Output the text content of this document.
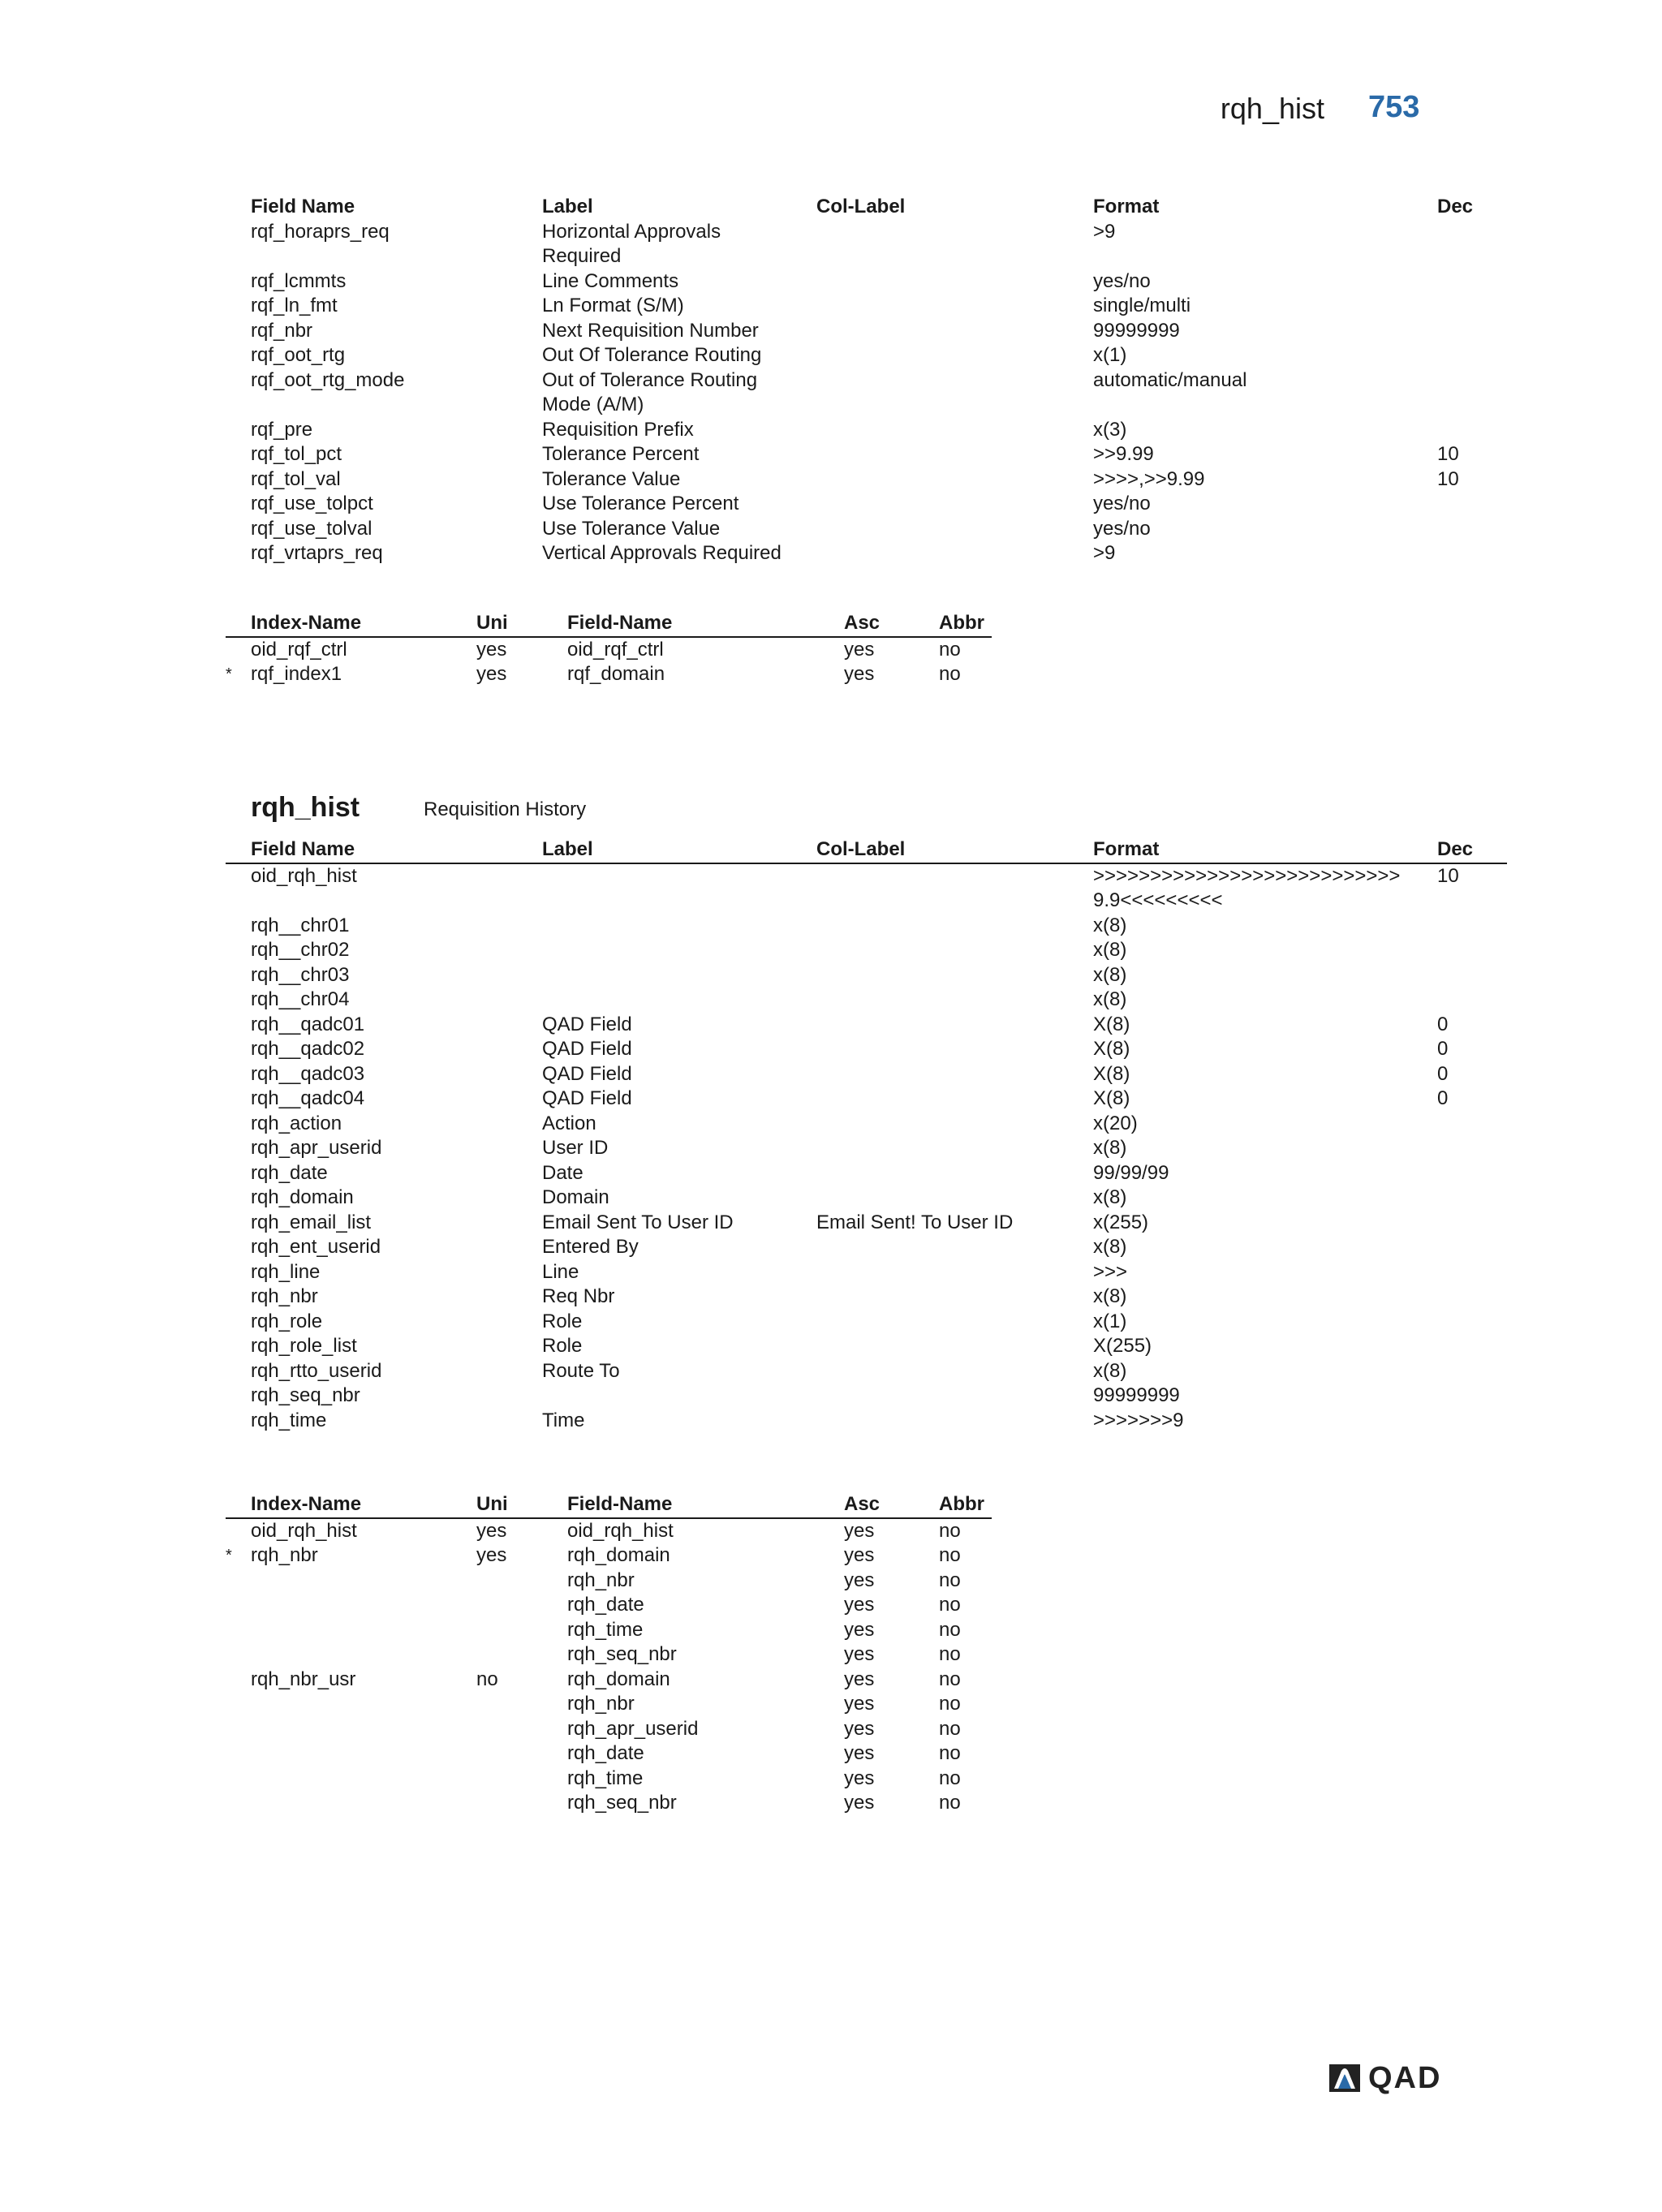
rqh_hist 753
Field Name	Label	Col-Label	Format	Dec
rqf_horaprs_req	Horizontal Approvals Required		>9	
rqf_lcmmts	Line Comments		yes/no	
rqf_ln_fmt	Ln Format (S/M)		single/multi	
rqf_nbr	Next Requisition Number		99999999	
rqf_oot_rtg	Out Of Tolerance Routing		x(1)	
rqf_oot_rtg_mode	Out of Tolerance Routing Mode (A/M)		automatic/manual	
rqf_pre	Requisition Prefix		x(3)	
rqf_tol_pct	Tolerance Percent		>>9.99	10
rqf_tol_val	Tolerance Value		>>>>,>>9.99	10
rqf_use_tolpct	Use Tolerance Percent		yes/no	
rqf_use_tolval	Use Tolerance Value		yes/no	
rqf_vrtaprs_req	Vertical Approvals Required		>9	
Index-Name	Uni	Field-Name	Asc	Abbr

oid_rqf_ctrl	yes	oid_rqf_ctrl	yes	no

* rqf_index1	yes	rqf_domain	yes	no
rqh_hist	Requisition History
Field Name	Label	Col-Label	Format	Dec
oid_rqh_hist			>>>>>>>>>>>>>>>>>>>>>>>>>>>9.9<<<<<<<<<	10
rqh__chr01			x(8)	
rqh__chr02			x(8)	
rqh__chr03			x(8)	
rqh__chr04			x(8)	
rqh__qadc01	QAD Field		X(8)	0
rqh__qadc02	QAD Field		X(8)	0
rqh__qadc03	QAD Field		X(8)	0
rqh__qadc04	QAD Field		X(8)	0
rqh_action	Action		x(20)	
rqh_apr_userid	User ID		x(8)	
rqh_date	Date		99/99/99	
rqh_domain	Domain		x(8)	
rqh_email_list	Email Sent To User ID	Email Sent! To User ID	x(255)	
rqh_ent_userid	Entered By		x(8)	
rqh_line	Line		>>>	
rqh_nbr	Req Nbr		x(8)	
rqh_role	Role		x(1)	
rqh_role_list	Role		X(255)	
rqh_rtto_userid	Route To		x(8)	
rqh_seq_nbr			99999999	
rqh_time	Time		>>>>>>>9	
Index-Name	Uni	Field-Name	Asc	Abbr

oid_rqh_hist	yes	oid_rqh_hist	yes	no

* rqh_nbr	yes	rqh_domain	yes	no

		rqh_nbr	yes	no

		rqh_date	yes	no

		rqh_time	yes	no

		rqh_seq_nbr	yes	no

rqh_nbr_usr	no	rqh_domain	yes	no

		rqh_nbr	yes	no

		rqh_apr_userid	yes	no

		rqh_date	yes	no

		rqh_time	yes	no

		rqh_seq_nbr	yes	no
QAD
